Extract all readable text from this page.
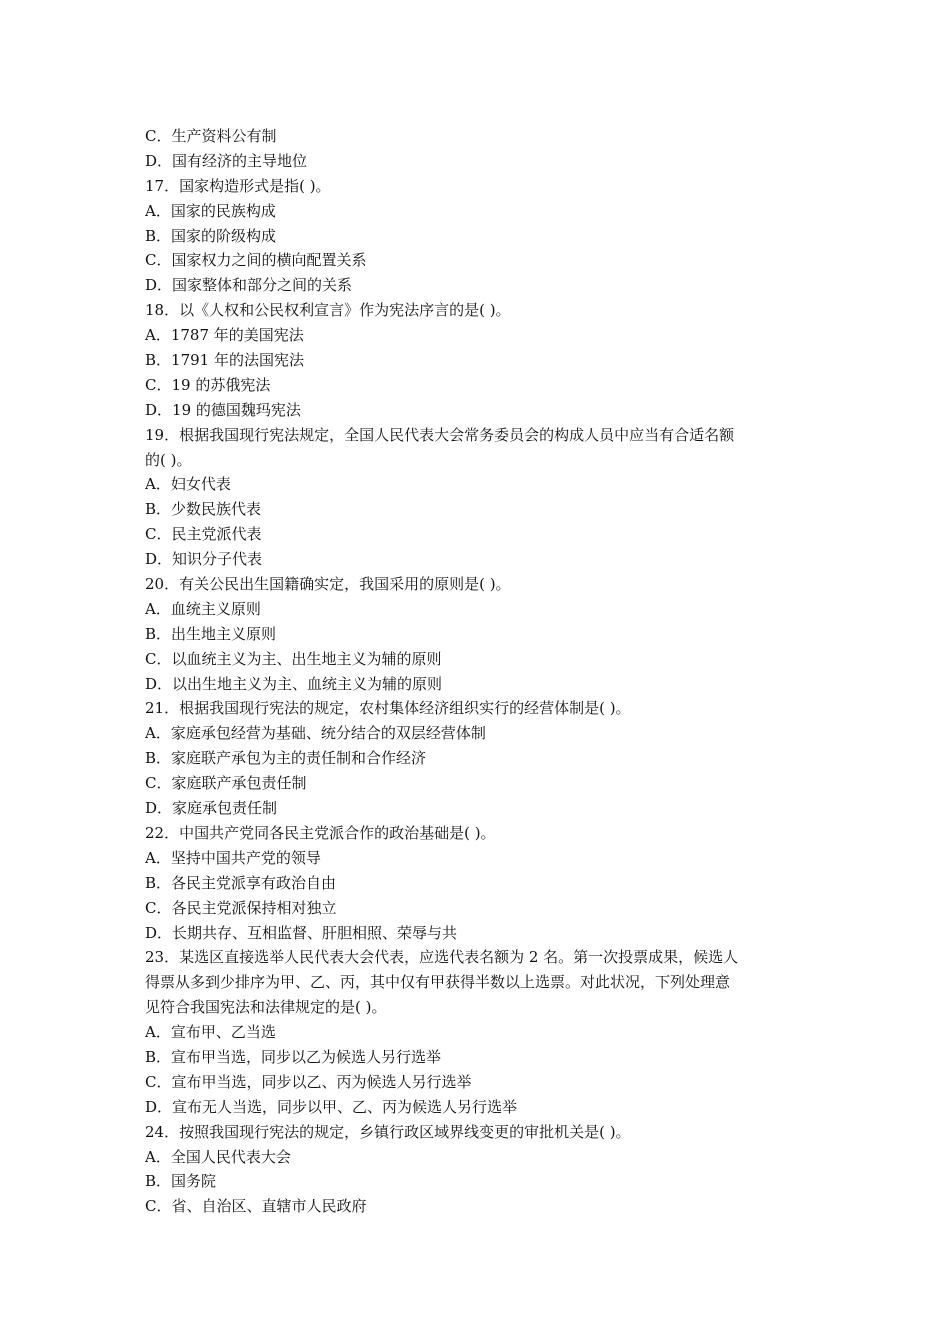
C．生产资料公有制
D．国有经济的主导地位
17．国家构造形式是指( )。
A．国家的民族构成
B．国家的阶级构成
C．国家权力之间的横向配置关系
D．国家整体和部分之间的关系
18．以《人权和公民权利宣言》作为宪法序言的是( )。
A．1787 年的美国宪法
B．1791 年的法国宪法
C．19 的苏俄宪法
D．19 的德国魏玛宪法
19．根据我国现行宪法规定，全国人民代表大会常务委员会的构成人员中应当有合适名额
的( )。
A．妇女代表
B．少数民族代表
C．民主党派代表
D．知识分子代表
20．有关公民出生国籍确实定，我国采用的原则是( )。
A．血统主义原则
B．出生地主义原则
C．以血统主义为主、出生地主义为辅的原则
D．以出生地主义为主、血统主义为辅的原则
21．根据我国现行宪法的规定，农村集体经济组织实行的经营体制是( )。
A．家庭承包经营为基础、统分结合的双层经营体制
B．家庭联产承包为主的责任制和合作经济
C．家庭联产承包责任制
D．家庭承包责任制
22．中国共产党同各民主党派合作的政治基础是( )。
A．坚持中国共产党的领导
B．各民主党派享有政治自由
C．各民主党派保持相对独立
D．长期共存、互相监督、肝胆相照、荣辱与共
23．某选区直接选举人民代表大会代表，应选代表名额为 2 名。第一次投票成果，候选人
得票从多到少排序为甲、乙、丙，其中仅有甲获得半数以上选票。对此状况，下列处理意
见符合我国宪法和法律规定的是( )。
A．宣布甲、乙当选
B．宣布甲当选，同步以乙为候选人另行选举
C．宣布甲当选，同步以乙、丙为候选人另行选举
D．宣布无人当选，同步以甲、乙、丙为候选人另行选举
24．按照我国现行宪法的规定，乡镇行政区域界线变更的审批机关是( )。
A．全国人民代表大会
B．国务院
C．省、自治区、直辖市人民政府
